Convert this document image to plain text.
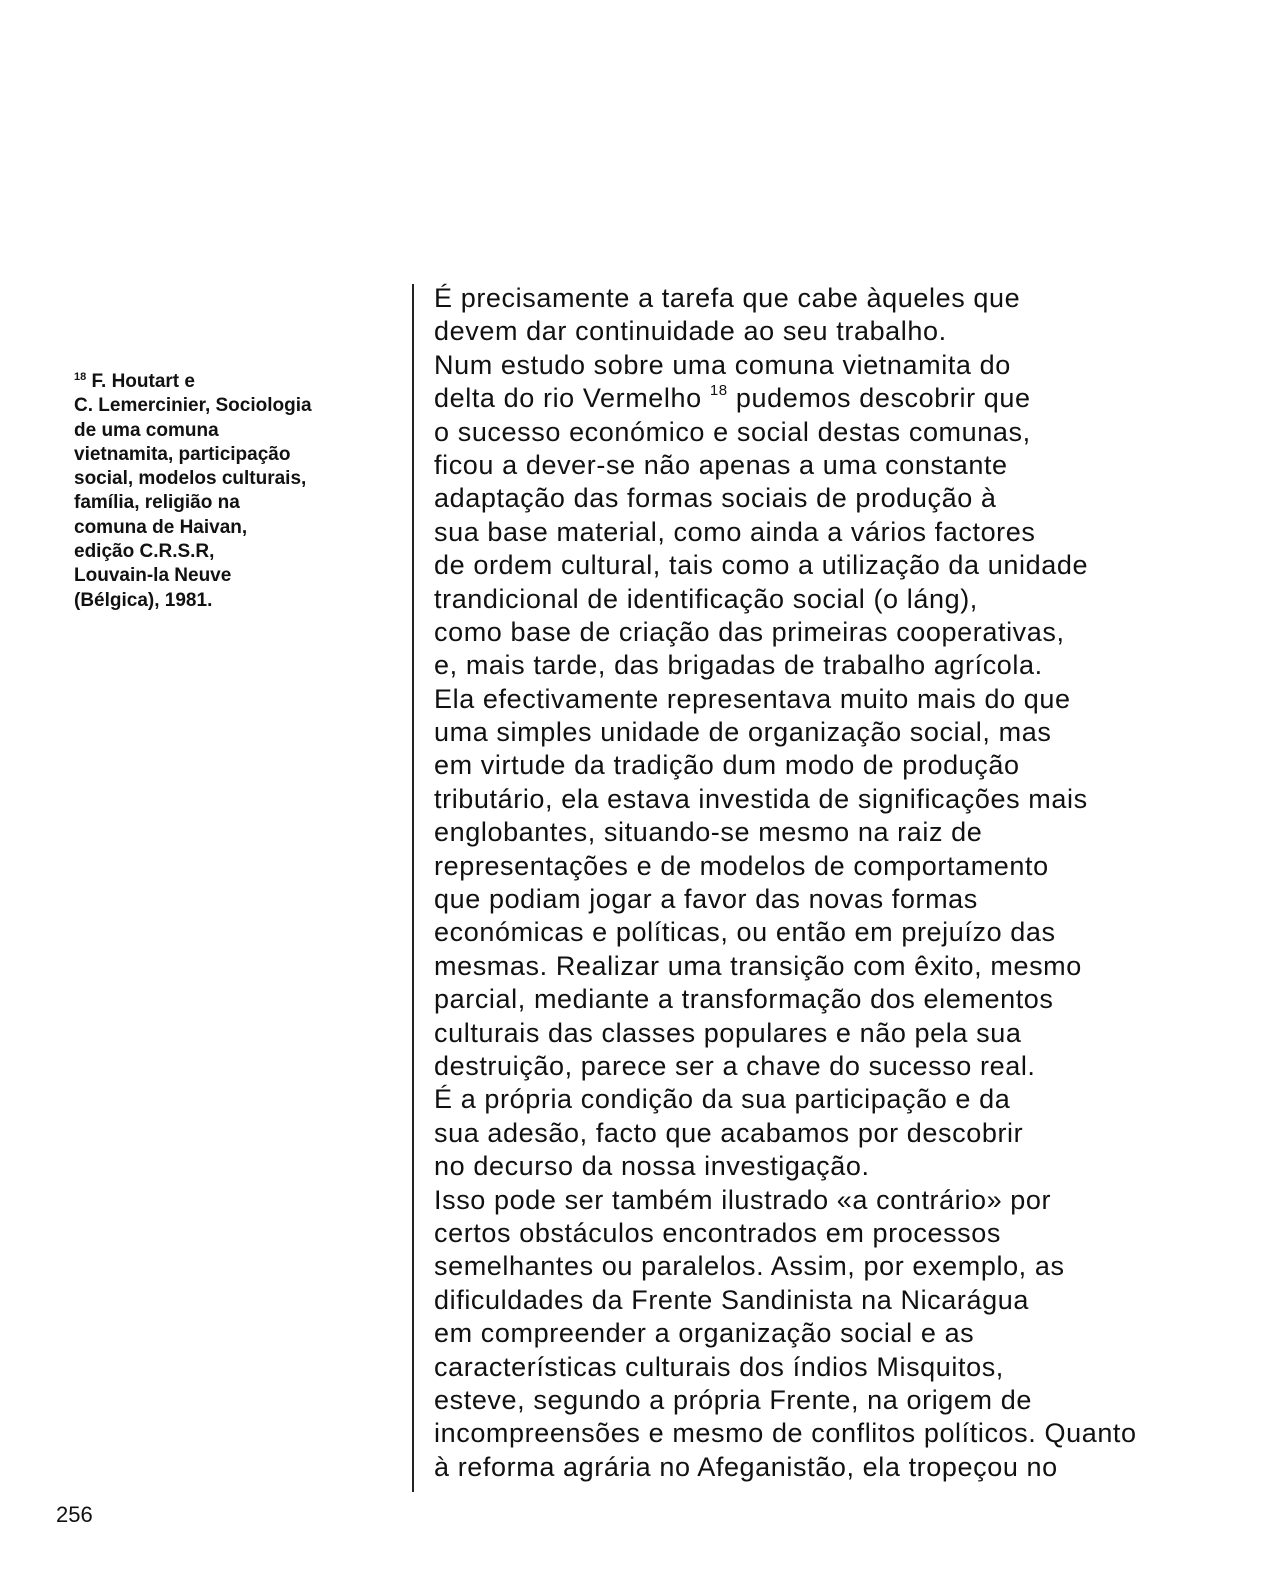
$^{18}$ F. Houtart e
C. Lemercinier, Sociologia
de uma comuna
vietnamita, participação
social, modelos culturais,
família, religião na
comuna de Haivan,
edição C.R.S.R,
Louvain-la Neuve
(Bélgica), 1981.
É precisamente a tarefa que cabe àqueles que
devem dar continuidade ao seu trabalho.
Num estudo sobre uma comuna vietnamita do
delta do rio Vermelho $^{18}$ pudemos descobrir que
o sucesso económico e social destas comunas,
ficou a dever-se não apenas a uma constante
adaptação das formas sociais de produção à
sua base material, como ainda a vários factores
de ordem cultural, tais como a utilização da unidade
trandicional de identificação social (o láng),
como base de criação das primeiras cooperativas,
e, mais tarde, das brigadas de trabalho agrícola.
Ela efectivamente representava muito mais do que
uma simples unidade de organização social, mas
em virtude da tradição dum modo de produção
tributário, ela estava investida de significações mais
englobantes, situando-se mesmo na raiz de
representações e de modelos de comportamento
que podiam jogar a favor das novas formas
económicas e políticas, ou então em prejuízo das
mesmas. Realizar uma transição com êxito, mesmo
parcial, mediante a transformação dos elementos
culturais das classes populares e não pela sua
destruição, parece ser a chave do sucesso real.
É a própria condição da sua participação e da
sua adesão, facto que acabamos por descobrir
no decurso da nossa investigação.
Isso pode ser também ilustrado «a contrário» por
certos obstáculos encontrados em processos
semelhantes ou paralelos. Assim, por exemplo, as
dificuldades da Frente Sandinista na Nicarágua
em compreender a organização social e as
características culturais dos índios Misquitos,
esteve, segundo a própria Frente, na origem de
incompreensões e mesmo de conflitos políticos. Quanto
à reforma agrária no Afeganistão, ela tropeçou no
256
